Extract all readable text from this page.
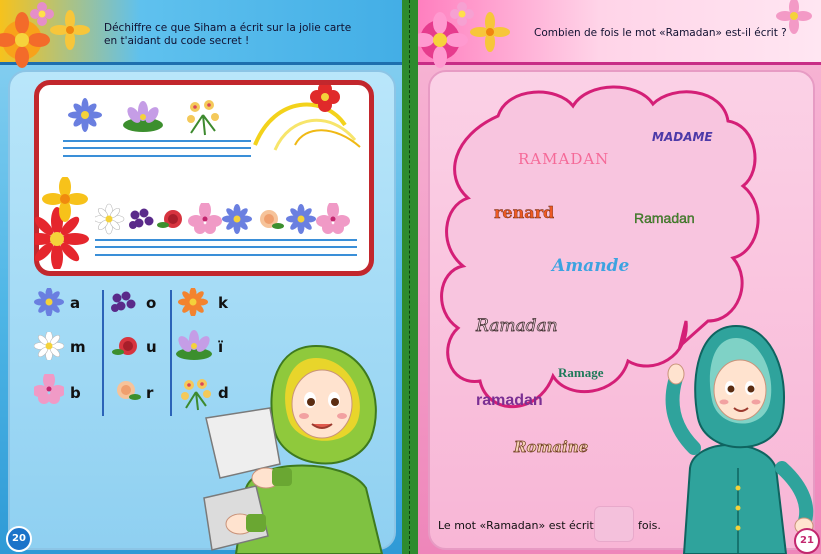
Déchiffre ce que Siham a écrit sur la jolie carte
en t'aidant du code secret !
a
m
b
o
u
r
k
ï
d
20
Combien de fois le mot «Ramadan» est-il écrit ?
RAMADAN
MADAME
renard	Ramadan
Amande
Ramadan
Ramage
ramadan
Romaine
Le mot «Ramadan» est écrit	fois.
21
